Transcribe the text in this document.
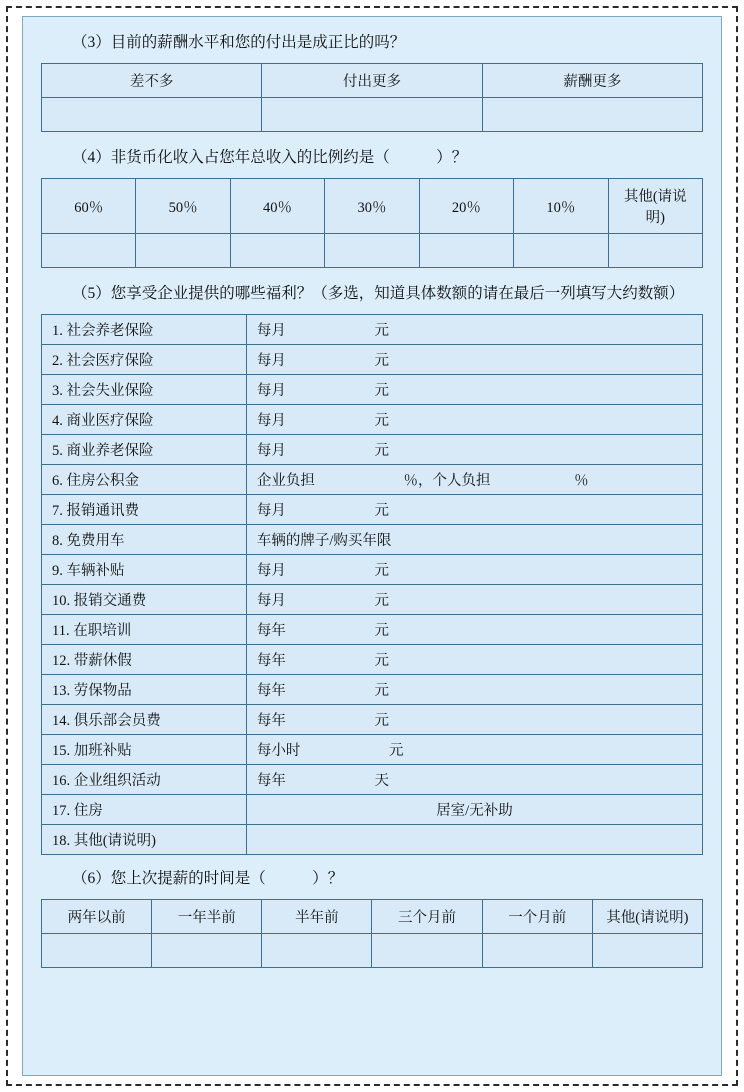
（3）目前的薪酬水平和您的付出是成正比的吗？

差不多	付出更多	薪酬更多

（4）非货币化收入占您年总收入的比例约是（　　　）？

60％	50％	40％	30％	20％	10％	其他(请说明)

（5）您享受企业提供的哪些福利？（多选，知道具体数额的请在最后一列填写大约数额）

1. 社会养老保险	每月 元

2. 社会医疗保险	每月 元

3. 社会失业保险	每月 元

4. 商业医疗保险	每月 元

5. 商业养老保险	每月 元

6. 住房公积金	企业负担 ％，个人负担 ％

7. 报销通讯费	每月 元

8. 免费用车	车辆的牌子/购买年限

9. 车辆补贴	每月 元

10. 报销交通费	每月 元

11. 在职培训	每年 元

12. 带薪休假	每年 元

13. 劳保物品	每年 元

14. 俱乐部会员费	每年 元

15. 加班补贴	每小时 元

16. 企业组织活动	每年 天

17. 住房	居室/无补助
18. 其他(请说明)	

（6）您上次提薪的时间是（　　　）？

两年以前	一年半前	半年前	三个月前	一个月前	其他(请说明)
